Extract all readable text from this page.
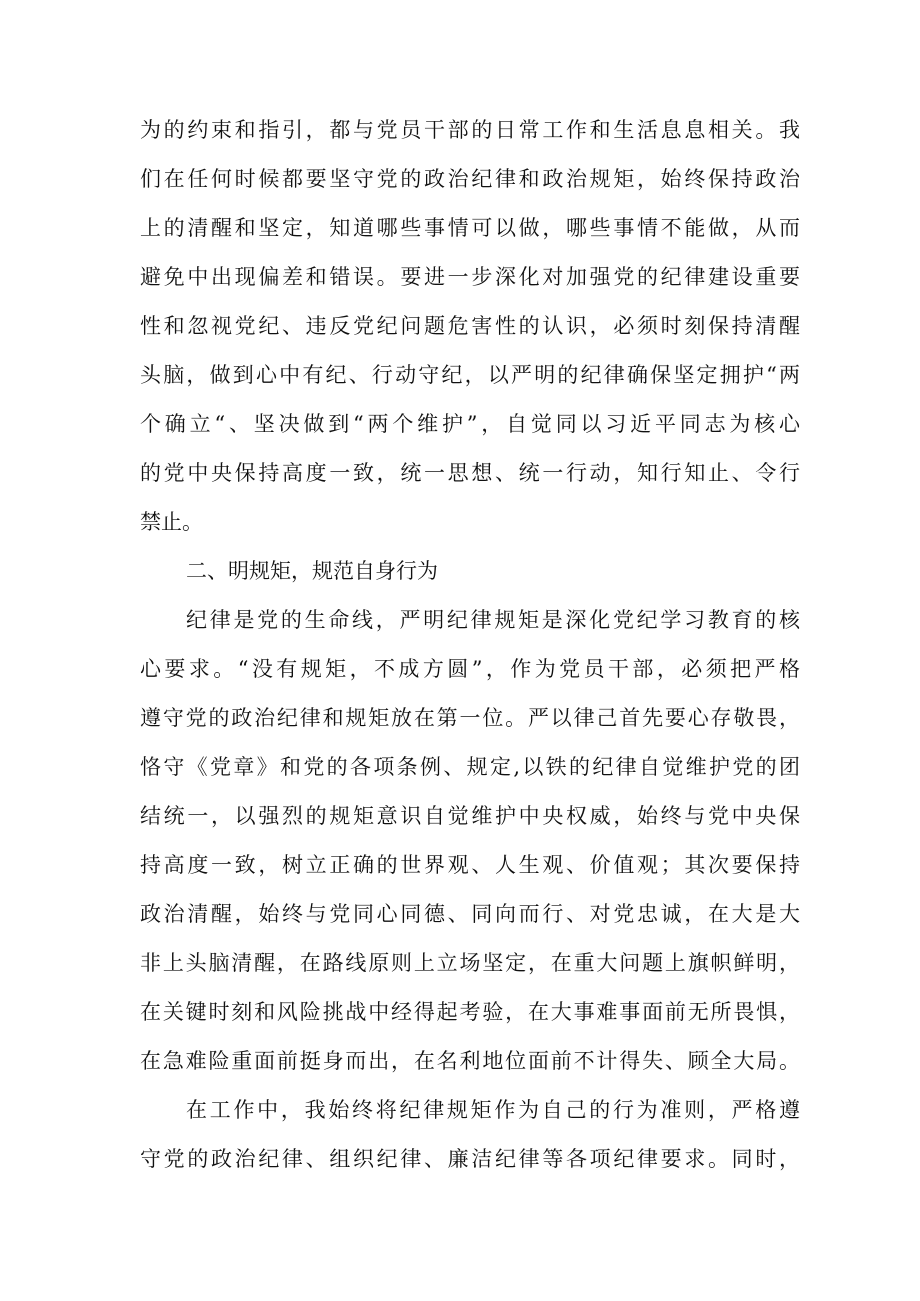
为的约束和指引，都与党员干部的日常工作和生活息息相关。我
们在任何时候都要坚守党的政治纪律和政治规矩，始终保持政治
上的清醒和坚定，知道哪些事情可以做，哪些事情不能做，从而
避免中出现偏差和错误。要进一步深化对加强党的纪律建设重要
性和忽视党纪、违反党纪问题危害性的认识，必须时刻保持清醒
头脑，做到心中有纪、行动守纪，以严明的纪律确保坚定拥护“两
个确立“、坚决做到“两个维护”，自觉同以习近平同志为核心
的党中央保持高度一致，统一思想、统一行动，知行知止、令行
禁止。
二、明规矩，规范自身行为
纪律是党的生命线，严明纪律规矩是深化党纪学习教育的核
心要求。“没有规矩，不成方圆”，作为党员干部，必须把严格
遵守党的政治纪律和规矩放在第一位。严以律己首先要心存敬畏，
恪守《党章》和党的各项条例、规定,以铁的纪律自觉维护党的团
结统一，以强烈的规矩意识自觉维护中央权威，始终与党中央保
持高度一致，树立正确的世界观、人生观、价值观；其次要保持
政治清醒，始终与党同心同德、同向而行、对党忠诚，在大是大
非上头脑清醒，在路线原则上立场坚定，在重大问题上旗帜鲜明，
在关键时刻和风险挑战中经得起考验，在大事难事面前无所畏惧，
在急难险重面前挺身而出，在名利地位面前不计得失、顾全大局。
在工作中，我始终将纪律规矩作为自己的行为准则，严格遵
守党的政治纪律、组织纪律、廉洁纪律等各项纪律要求。同时，
